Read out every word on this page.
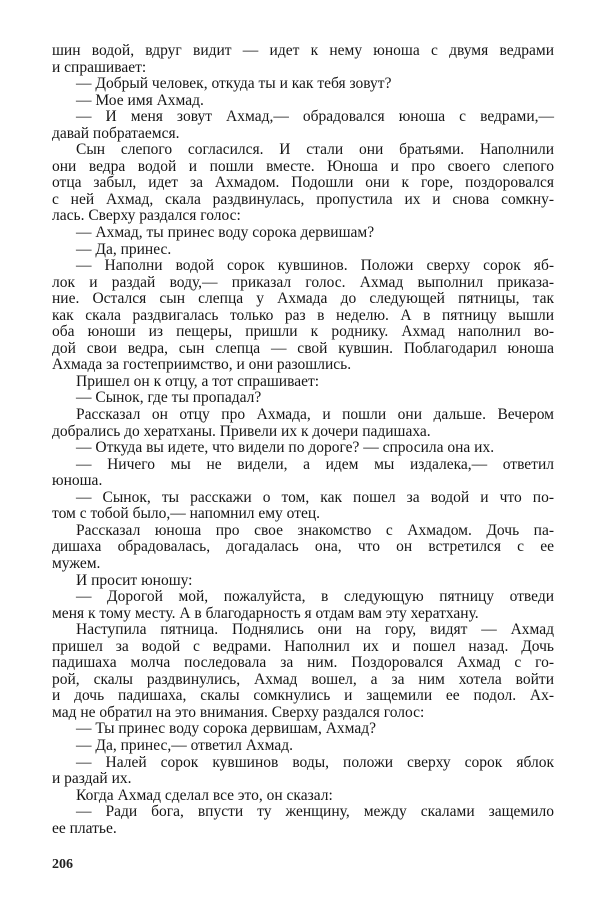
шин водой, вдруг видит — идет к нему юноша с двумя ведрами
и спрашивает:
— Добрый человек, откуда ты и как тебя зовут?
— Мое имя Ахмад.
— И меня зовут Ахмад,— обрадовался юноша с ведрами,—
давай побратаемся.
Сын слепого согласился. И стали они братьями. Наполнили
они ведра водой и пошли вместе. Юноша и про своего слепого
отца забыл, идет за Ахмадом. Подошли они к горе, поздоровался
с ней Ахмад, скала раздвинулась, пропустила их и снова сомкну-
лась. Сверху раздался голос:
— Ахмад, ты принес воду сорока дервишам?
— Да, принес.
— Наполни водой сорок кувшинов. Положи сверху сорок яб-
лок и раздай воду,— приказал голос. Ахмад выполнил приказа-
ние. Остался сын слепца у Ахмада до следующей пятницы, так
как скала раздвигалась только раз в неделю. А в пятницу вышли
оба юноши из пещеры, пришли к роднику. Ахмад наполнил во-
дой свои ведра, сын слепца — свой кувшин. Поблагодарил юноша
Ахмада за гостеприимство, и они разошлись.
Пришел он к отцу, а тот спрашивает:
— Сынок, где ты пропадал?
Рассказал он отцу про Ахмада, и пошли они дальше. Вечером
добрались до хератханы. Привели их к дочери падишаха.
— Откуда вы идете, что видели по дороге? — спросила она их.
— Ничего мы не видели, а идем мы издалека,— ответил
юноша.
— Сынок, ты расскажи о том, как пошел за водой и что по-
том с тобой было,— напомнил ему отец.
Рассказал юноша про свое знакомство с Ахмадом. Дочь па-
дишаха обрадовалась, догадалась она, что он встретился с ее
мужем.
И просит юношу:
— Дорогой мой, пожалуйста, в следующую пятницу отведи
меня к тому месту. А в благодарность я отдам вам эту хератхану.
Наступила пятница. Поднялись они на гору, видят — Ахмад
пришел за водой с ведрами. Наполнил их и пошел назад. Дочь
падишаха молча последовала за ним. Поздоровался Ахмад с го-
рой, скалы раздвинулись, Ахмад вошел, а за ним хотела войти
и дочь падишаха, скалы сомкнулись и защемили ее подол. Ах-
мад не обратил на это внимания. Сверху раздался голос:
— Ты принес воду сорока дервишам, Ахмад?
— Да, принес,— ответил Ахмад.
— Налей сорок кувшинов воды, положи сверху сорок яблок
и раздай их.
Когда Ахмад сделал все это, он сказал:
— Ради бога, впусти ту женщину, между скалами защемило
ее платье.
206
